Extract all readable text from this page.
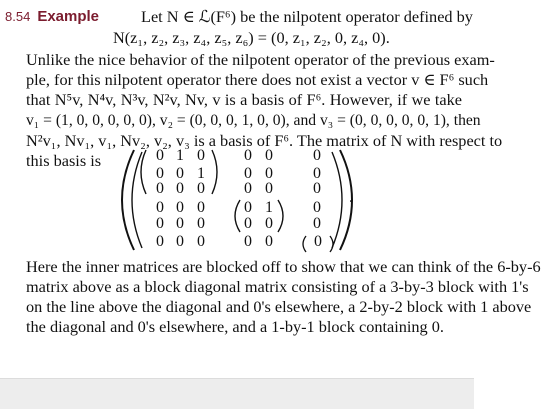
8.54 Example	Let N ∈ ℒ(F⁶) be the nilpotent operator defined by
N(z₁, z₂, z₃, z₄, z₅, z₆) = (0, z₁, z₂, 0, z₄, 0).
Unlike the nice behavior of the nilpotent operator of the previous exam-
ple, for this nilpotent operator there does not exist a vector v ∈ F⁶ such
that N⁵v, N⁴v, N³v, N²v, Nv, v is a basis of F⁶. However, if we take
v₁ = (1, 0, 0, 0, 0, 0), v₂ = (0, 0, 0, 1, 0, 0), and v₃ = (0, 0, 0, 0, 0, 1), then
N²v₁, Nv₁, v₁, Nv₂, v₂, v₃ is a basis of F⁶. The matrix of N with respect to
this basis is	0 1 0 0 0	0
0 0 1 0 0	0
0 0 0 0 0	0
0 0 0 0 1	0
0 0 0 0 0	0
0 0 0 0 0	0
.
Here the inner matrices are blocked off to show that we can think of the 6-by-6
matrix above as a block diagonal matrix consisting of a 3-by-3 block with 1's
on the line above the diagonal and 0's elsewhere, a 2-by-2 block with 1 above
the diagonal and 0's elsewhere, and a 1-by-1 block containing 0.
